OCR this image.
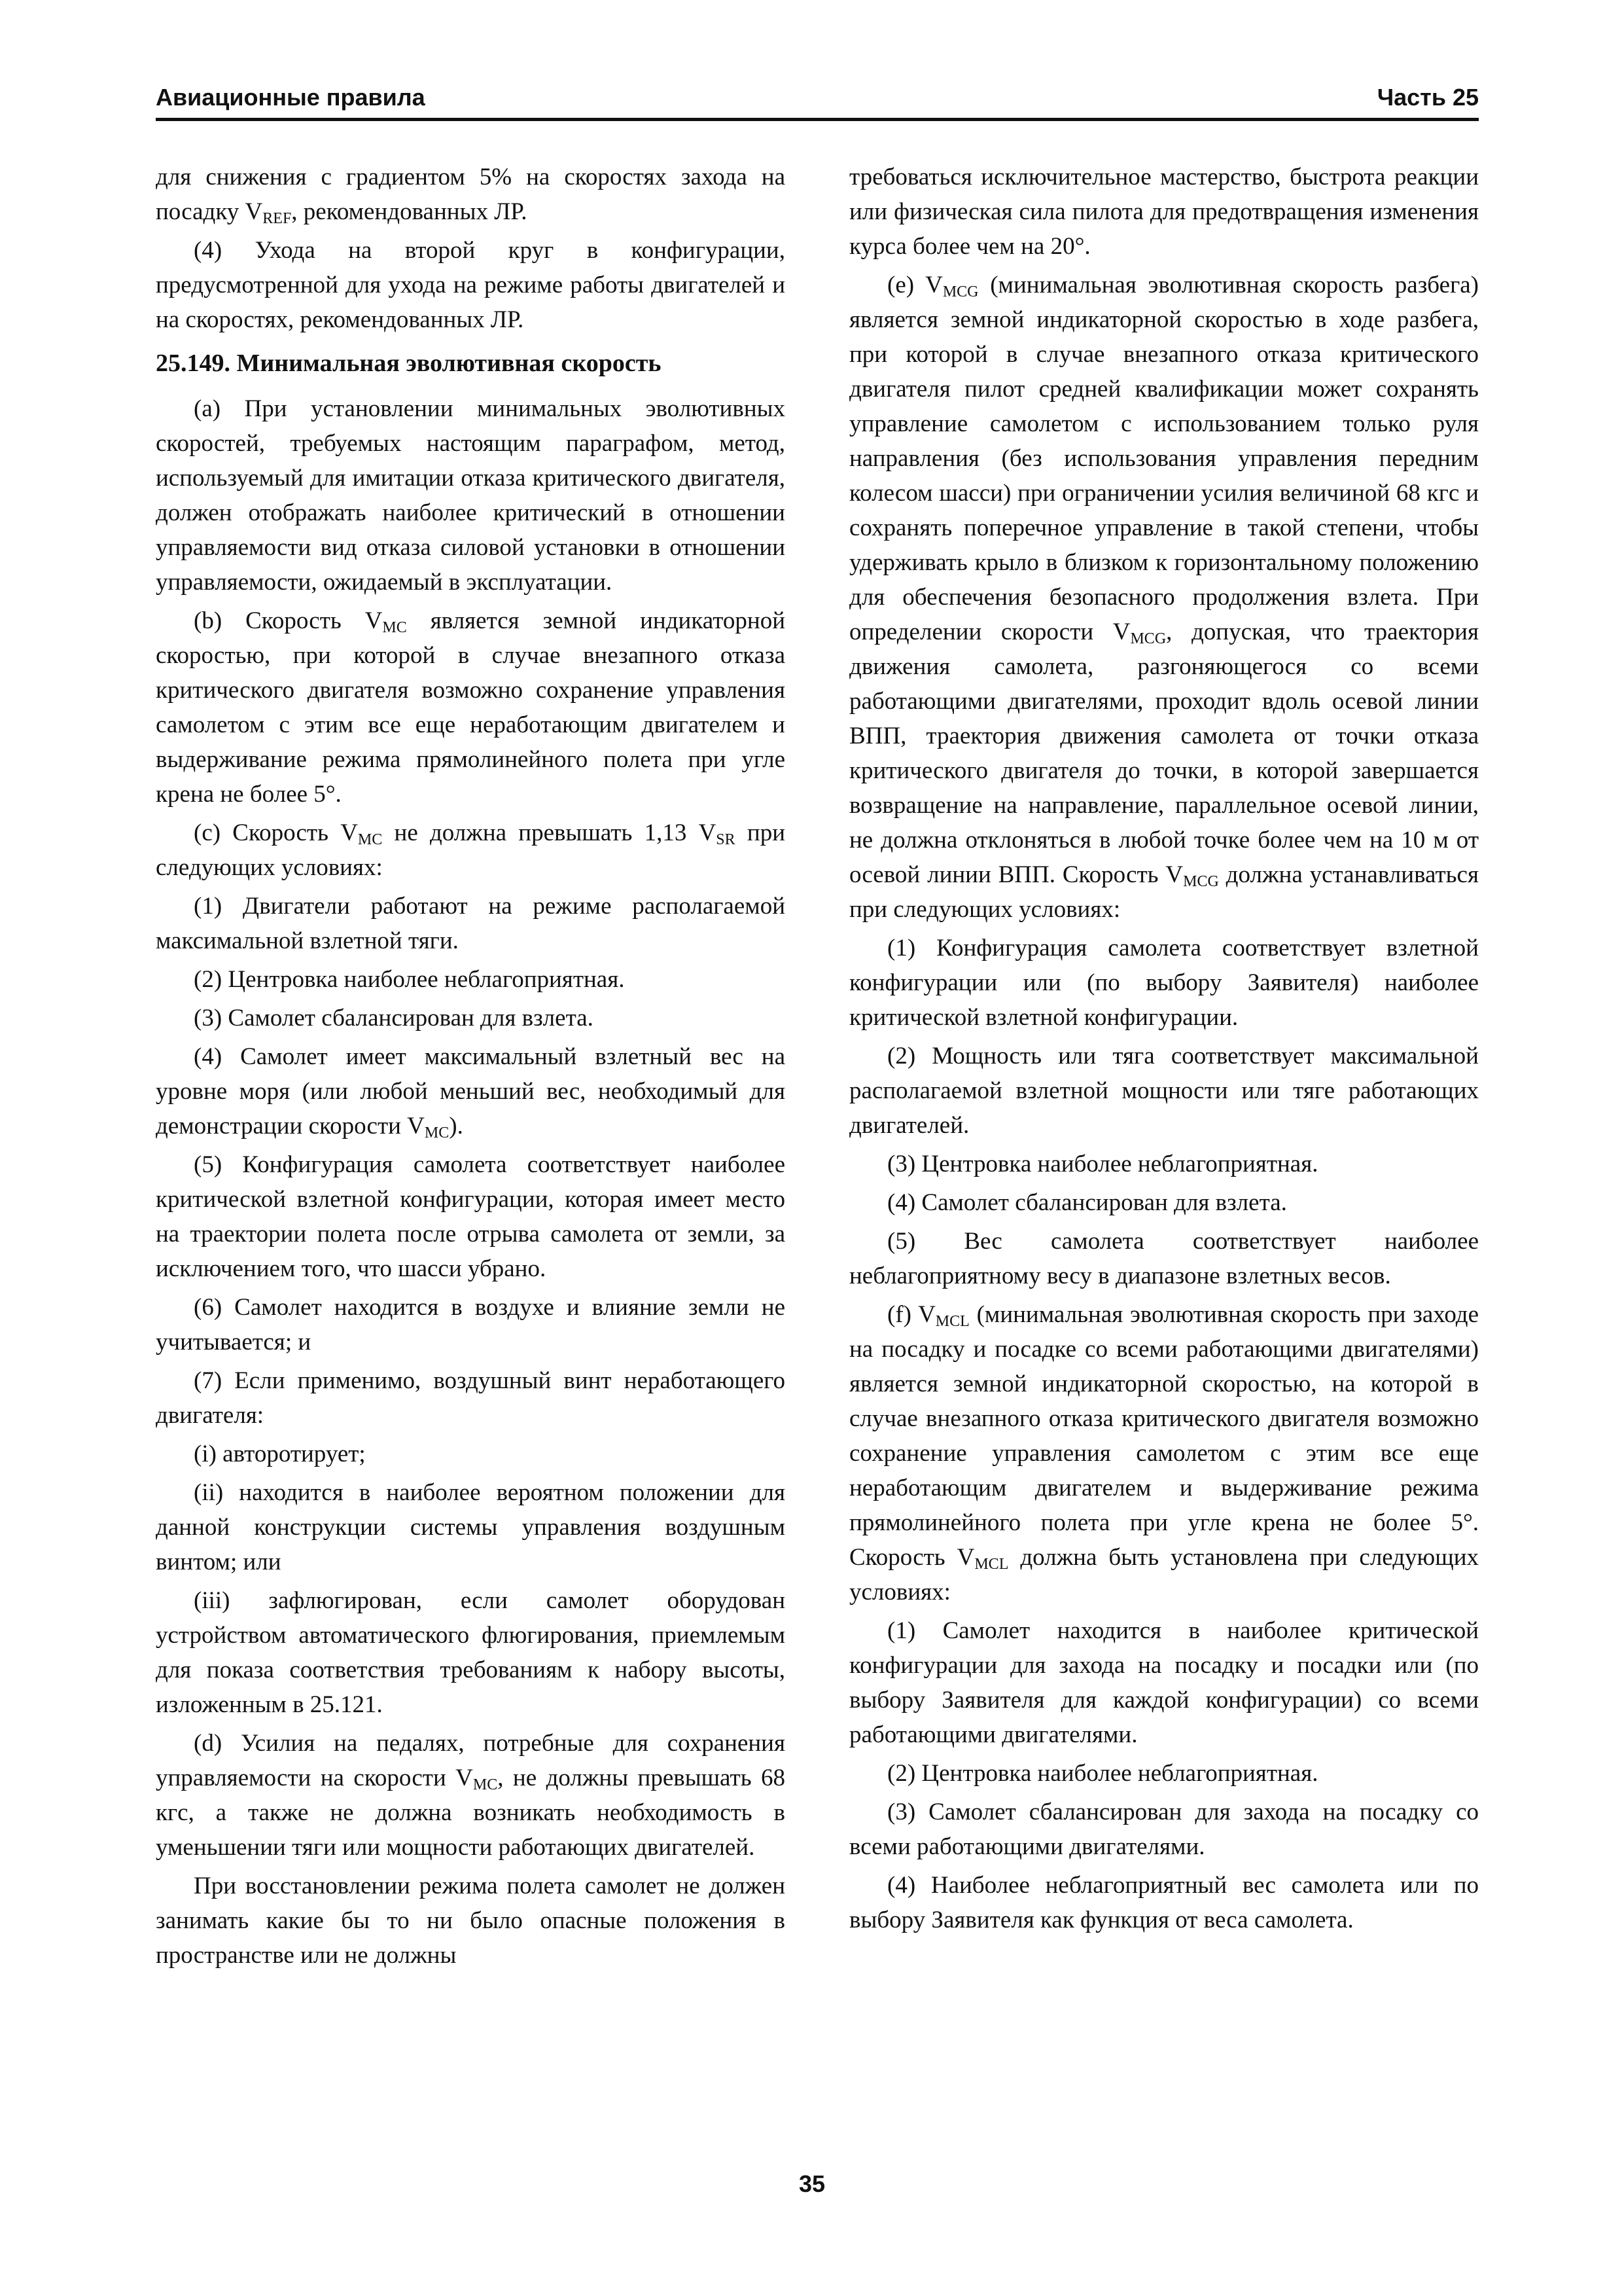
Авиационные правила	Часть 25

для снижения с градиентом 5% на скоростях захода на посадку $V_{REF}$, рекомендованных ЛР.

(4) Ухода на второй круг в конфигурации, предусмотренной для ухода на режиме работы двигателей и на скоростях, рекомендованных ЛР.

25.149. Минимальная эволютивная скорость

(a) При установлении минимальных эволютивных скоростей, требуемых настоящим параграфом, метод, используемый для имитации отказа критического двигателя, должен отображать наиболее критический в отношении управляемости вид отказа силовой установки в отношении управляемости, ожидаемый в эксплуатации.

(b) Скорость $V_{MC}$ является земной индикаторной скоростью, при которой в случае внезапного отказа критического двигателя возможно сохранение управления самолетом с этим все еще неработающим двигателем и выдерживание режима прямолинейного полета при угле крена не более 5°.

(c) Скорость $V_{MC}$ не должна превышать 1,13 $V_{SR}$ при следующих условиях:

(1) Двигатели работают на режиме располагаемой максимальной взлетной тяги.

(2) Центровка наиболее неблагоприятная.

(3) Самолет сбалансирован для взлета.

(4) Самолет имеет максимальный взлетный вес на уровне моря (или любой меньший вес, необходимый для демонстрации скорости $V_{MC}$).

(5) Конфигурация самолета соответствует наиболее критической взлетной конфигурации, которая имеет место на траектории полета после отрыва самолета от земли, за исключением того, что шасси убрано.

(6) Самолет находится в воздухе и влияние земли не учитывается; и

(7) Если применимо, воздушный винт неработающего двигателя:

(i) авторотирует;

(ii) находится в наиболее вероятном положении для данной конструкции системы управления воздушным винтом; или

(iii) зафлюгирован, если самолет оборудован устройством автоматического флюгирования, приемлемым для показа соответствия требованиям к набору высоты, изложенным в 25.121.

(d) Усилия на педалях, потребные для сохранения управляемости на скорости $V_{MC}$, не должны превышать 68 кгс, а также не должна возникать необходимость в уменьшении тяги или мощности работающих двигателей.

При восстановлении режима полета самолет не должен занимать какие бы то ни было опасные положения в пространстве или не должны

требоваться исключительное мастерство, быстрота реакции или физическая сила пилота для предотвращения изменения курса более чем на 20°.

(e) $V_{MCG}$ (минимальная эволютивная скорость разбега) является земной индикаторной скоростью в ходе разбега, при которой в случае внезапного отказа критического двигателя пилот средней квалификации может сохранять управление самолетом с использованием только руля направления (без использования управления передним колесом шасси) при ограничении усилия величиной 68 кгс и сохранять поперечное управление в такой степени, чтобы удерживать крыло в близком к горизонтальному положению для обеспечения безопасного продолжения взлета. При определении скорости $V_{MCG}$, допуская, что траектория движения самолета, разгоняющегося со всеми работающими двигателями, проходит вдоль осевой линии ВПП, траектория движения самолета от точки отказа критического двигателя до точки, в которой завершается возвращение на направление, параллельное осевой линии, не должна отклоняться в любой точке более чем на 10 м от осевой линии ВПП. Скорость $V_{MCG}$ должна устанавливаться при следующих условиях:

(1) Конфигурация самолета соответствует взлетной конфигурации или (по выбору Заявителя) наиболее критической взлетной конфигурации.

(2) Мощность или тяга соответствует максимальной располагаемой взлетной мощности или тяге работающих двигателей.

(3) Центровка наиболее неблагоприятная.

(4) Самолет сбалансирован для взлета.

(5) Вес самолета соответствует наиболее неблагоприятному весу в диапазоне взлетных весов.

(f) $V_{MCL}$ (минимальная эволютивная скорость при заходе на посадку и посадке со всеми работающими двигателями) является земной индикаторной скоростью, на которой в случае внезапного отказа критического двигателя возможно сохранение управления самолетом с этим все еще неработающим двигателем и выдерживание режима прямолинейного полета при угле крена не более 5°. Скорость $V_{MCL}$ должна быть установлена при следующих условиях:

(1) Самолет находится в наиболее критической конфигурации для захода на посадку и посадки или (по выбору Заявителя для каждой конфигурации) со всеми работающими двигателями.

(2) Центровка наиболее неблагоприятная.

(3) Самолет сбалансирован для захода на посадку со всеми работающими двигателями.

(4) Наиболее неблагоприятный вес самолета или по выбору Заявителя как функция от веса самолета.

35
